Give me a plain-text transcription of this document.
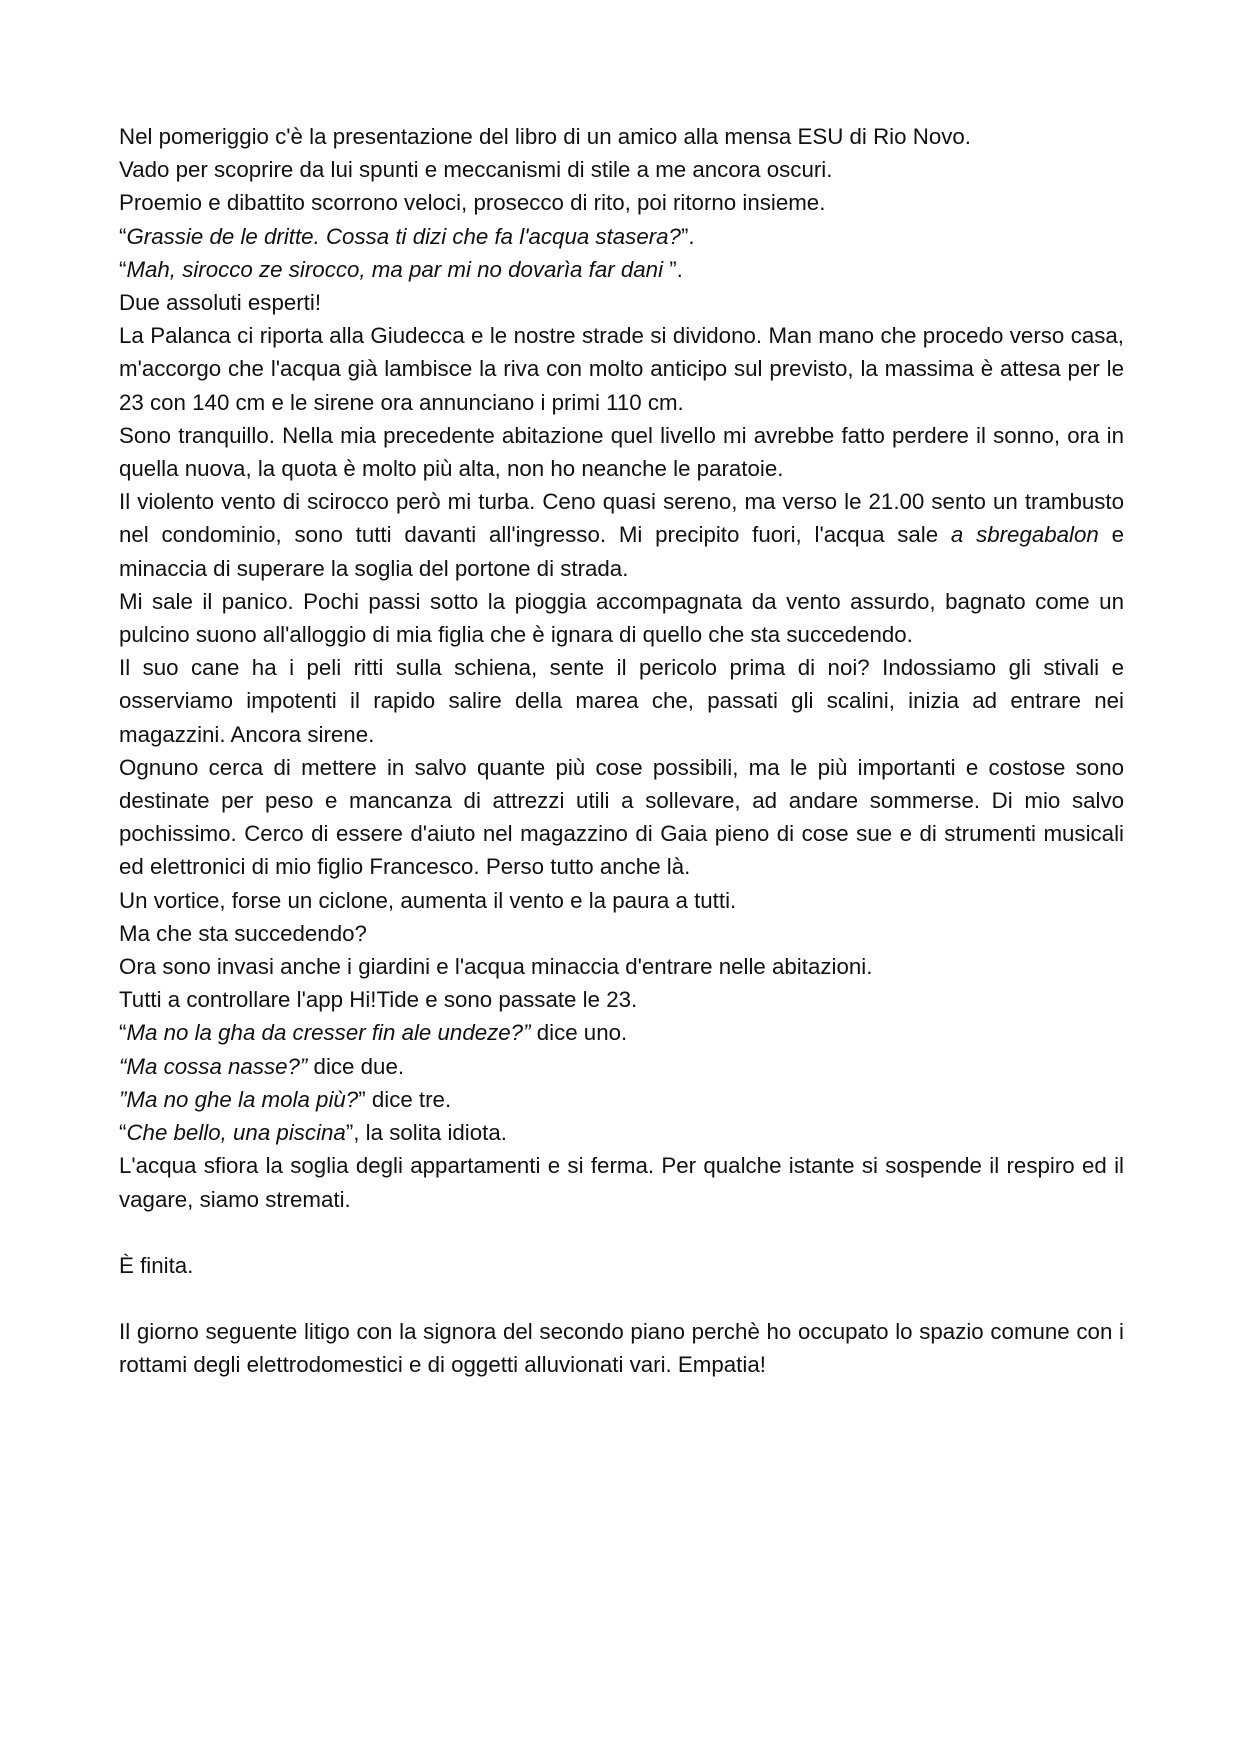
Nel pomeriggio c'è la presentazione del libro di un amico alla mensa ESU di Rio Novo.

Vado per scoprire da lui spunti e meccanismi di stile a me ancora oscuri.

Proemio e dibattito scorrono veloci, prosecco di rito, poi ritorno insieme.

“Grassie de le dritte. Cossa ti dizi che fa l'acqua stasera?”.

“Mah, sirocco ze sirocco, ma par mi no dovarìa far dani ”.

Due assoluti esperti!

La Palanca ci riporta alla Giudecca e le nostre strade si dividono. Man mano che procedo verso casa, m'accorgo che l'acqua già lambisce la riva con molto anticipo sul previsto, la massima è attesa per le 23 con 140 cm e le sirene ora annunciano i primi 110 cm.

Sono tranquillo. Nella mia precedente abitazione quel livello mi avrebbe fatto perdere il sonno, ora in quella nuova, la quota è molto più alta, non ho neanche le paratoie.

Il violento vento di scirocco però mi turba. Ceno quasi sereno, ma verso le 21.00 sento un trambusto nel condominio, sono tutti davanti all'ingresso. Mi precipito fuori, l'acqua sale a sbregabalon e minaccia di superare la soglia del portone di strada.

Mi sale il panico. Pochi passi sotto la pioggia accompagnata da vento assurdo, bagnato come un pulcino suono all'alloggio di mia figlia che è ignara di quello che sta succedendo.

Il suo cane ha i peli ritti sulla schiena, sente il pericolo prima di noi? Indossiamo gli stivali e osserviamo impotenti il rapido salire della marea che, passati gli scalini, inizia ad entrare nei magazzini. Ancora sirene.

Ognuno cerca di mettere in salvo quante più cose possibili, ma le più importanti e costose sono destinate per peso e mancanza di attrezzi utili a sollevare, ad andare sommerse. Di mio salvo pochissimo. Cerco di essere d'aiuto nel magazzino di Gaia pieno di cose sue e di strumenti musicali ed elettronici di mio figlio Francesco. Perso tutto anche là.

Un vortice, forse un ciclone, aumenta il vento e la paura a tutti.

Ma che sta succedendo?

Ora sono invasi anche i giardini e l'acqua minaccia d'entrare nelle abitazioni.

Tutti a controllare l'app Hi!Tide e sono passate le 23.

“Ma no la gha da cresser fin ale undeze?” dice uno.

“Ma cossa nasse?” dice due.

”Ma no ghe la mola più?” dice tre.

“Che bello, una piscina”, la solita idiota.

L'acqua sfiora la soglia degli appartamenti e si ferma. Per qualche istante si sospende il respiro ed il vagare, siamo stremati.

È finita.

Il giorno seguente litigo con la signora del secondo piano perchè ho occupato lo spazio comune con i rottami degli elettrodomestici e di oggetti alluvionati vari. Empatia!
